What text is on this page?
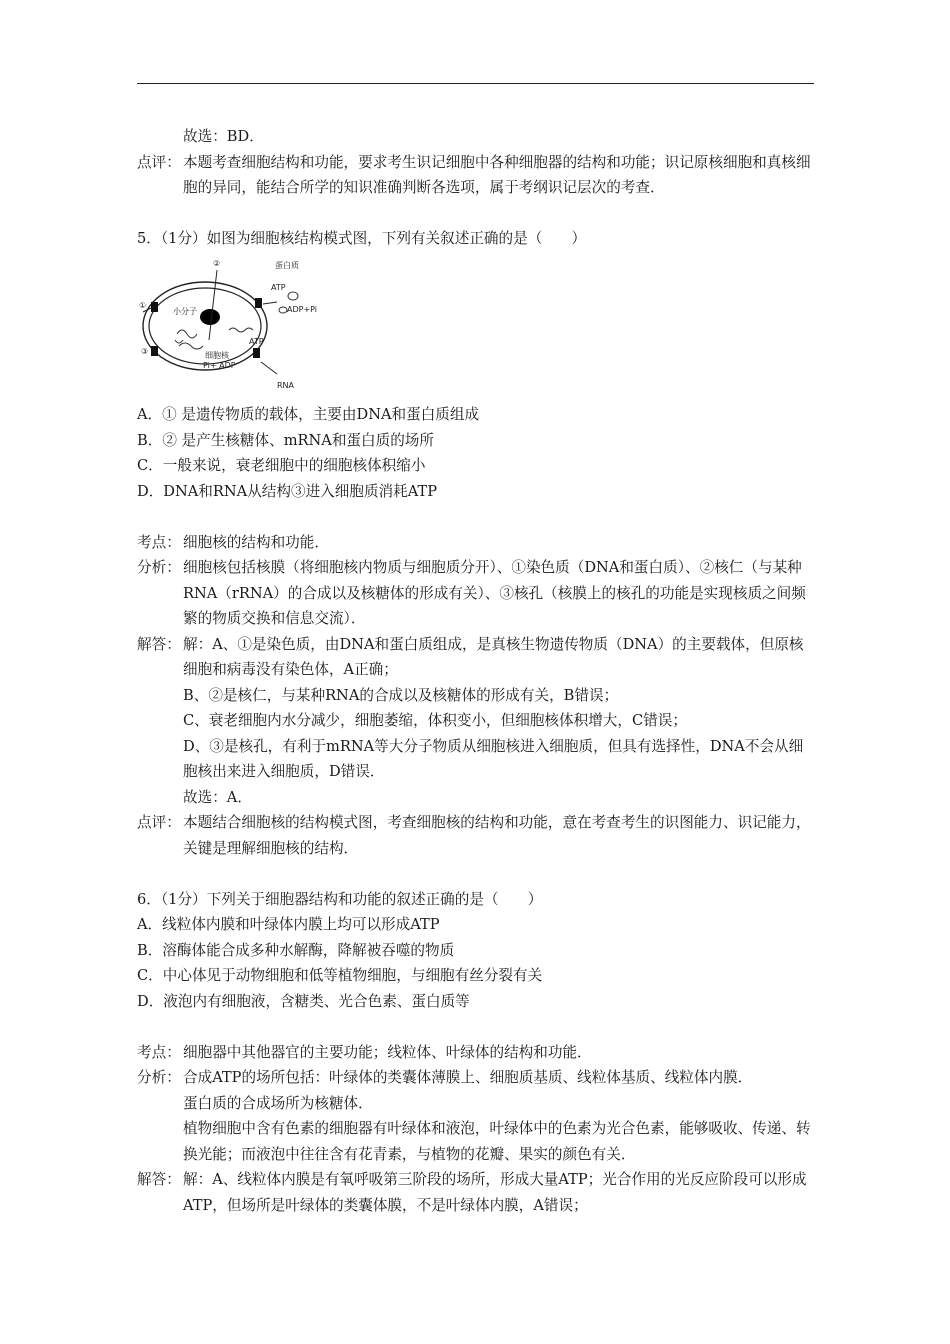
故选：BD．

点评： 本题考查细胞结构和功能，要求考生识记细胞中各种细胞器的结构和功能；识记原核细胞和真核细胞的异同，能结合所学的知识准确判断各选项，属于考纲识记层次的考查．

5．（1分）如图为细胞核结构模式图，下列有关叙述正确的是（　　）

②
①
③
蛋白质
ATP
ADP+Pi
小分子
ATP
细胞核
Pi+ ADP
RNA

A．① 是遗传物质的载体，主要由DNA和蛋白质组成

B．② 是产生核糖体、mRNA和蛋白质的场所

C．一般来说，衰老细胞中的细胞核体积缩小

D．DNA和RNA从结构③进入细胞质消耗ATP

考点： 细胞核的结构和功能．
分析： 细胞核包括核膜（将细胞核内物质与细胞质分开）、①染色质（DNA和蛋白质）、②核仁（与某种RNA（rRNA）的合成以及核糖体的形成有关）、③核孔（核膜上的核孔的功能是实现核质之间频繁的物质交换和信息交流）．
解答： 解：A、①是染色质，由DNA和蛋白质组成，是真核生物遗传物质（DNA）的主要载体，但原核细胞和病毒没有染色体，A正确；

B、②是核仁，与某种RNA的合成以及核糖体的形成有关，B错误；

C、衰老细胞内水分减少，细胞萎缩，体积变小，但细胞核体积增大，C错误；

D、③是核孔，有利于mRNA等大分子物质从细胞核进入细胞质，但具有选择性，DNA不会从细胞核出来进入细胞质，D错误．

故选：A．

点评： 本题结合细胞核的结构模式图，考查细胞核的结构和功能，意在考查考生的识图能力、识记能力，关键是理解细胞核的结构．

6．（1分）下列关于细胞器结构和功能的叙述正确的是（　　）

A．线粒体内膜和叶绿体内膜上均可以形成ATP

B．溶酶体能合成多种水解酶，降解被吞噬的物质

C．中心体见于动物细胞和低等植物细胞，与细胞有丝分裂有关

D．液泡内有细胞液，含糖类、光合色素、蛋白质等

考点： 细胞器中其他器官的主要功能；线粒体、叶绿体的结构和功能．
分析： 合成ATP的场所包括：叶绿体的类囊体薄膜上、细胞质基质、线粒体基质、线粒体内膜．

蛋白质的合成场所为核糖体．

植物细胞中含有色素的细胞器有叶绿体和液泡，叶绿体中的色素为光合色素，能够吸收、传递、转换光能；而液泡中往往含有花青素，与植物的花瓣、果实的颜色有关．

解答： 解：A、线粒体内膜是有氧呼吸第三阶段的场所，形成大量ATP；光合作用的光反应阶段可以形成ATP，但场所是叶绿体的类囊体膜，不是叶绿体内膜，A错误；
